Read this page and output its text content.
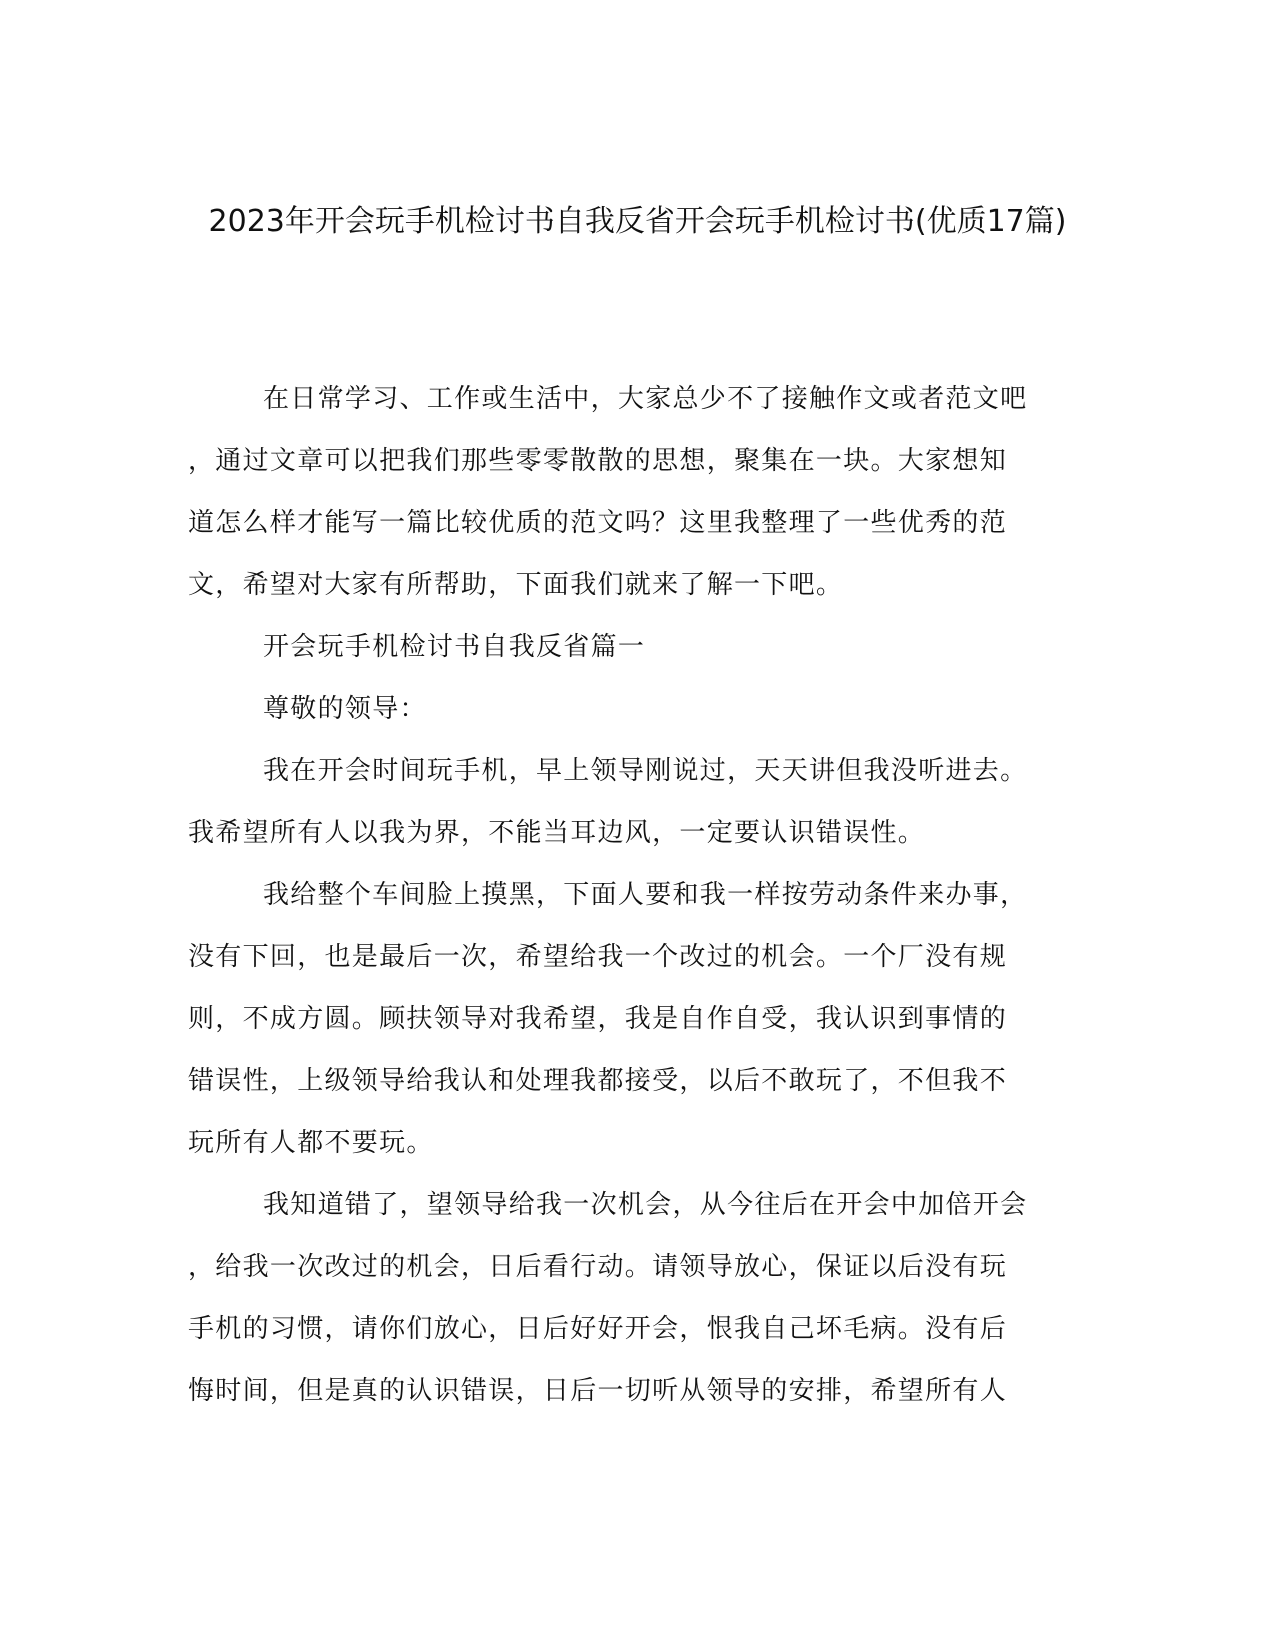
2023年开会玩手机检讨书自我反省开会玩手机检讨书(优质17篇)
在日常学习、工作或生活中，大家总少不了接触作文或者范文吧
，通过文章可以把我们那些零零散散的思想，聚集在一块。大家想知
道怎么样才能写一篇比较优质的范文吗？这里我整理了一些优秀的范
文，希望对大家有所帮助，下面我们就来了解一下吧。
开会玩手机检讨书自我反省篇一
尊敬的领导：
我在开会时间玩手机，早上领导刚说过，天天讲但我没听进去。
我希望所有人以我为界，不能当耳边风，一定要认识错误性。
我给整个车间脸上摸黑，下面人要和我一样按劳动条件来办事，
没有下回，也是最后一次，希望给我一个改过的机会。一个厂没有规
则，不成方圆。顾扶领导对我希望，我是自作自受，我认识到事情的
错误性，上级领导给我认和处理我都接受，以后不敢玩了，不但我不
玩所有人都不要玩。
我知道错了，望领导给我一次机会，从今往后在开会中加倍开会
，给我一次改过的机会，日后看行动。请领导放心，保证以后没有玩
手机的习惯，请你们放心，日后好好开会，恨我自己坏毛病。没有后
悔时间，但是真的认识错误，日后一切听从领导的安排，希望所有人
